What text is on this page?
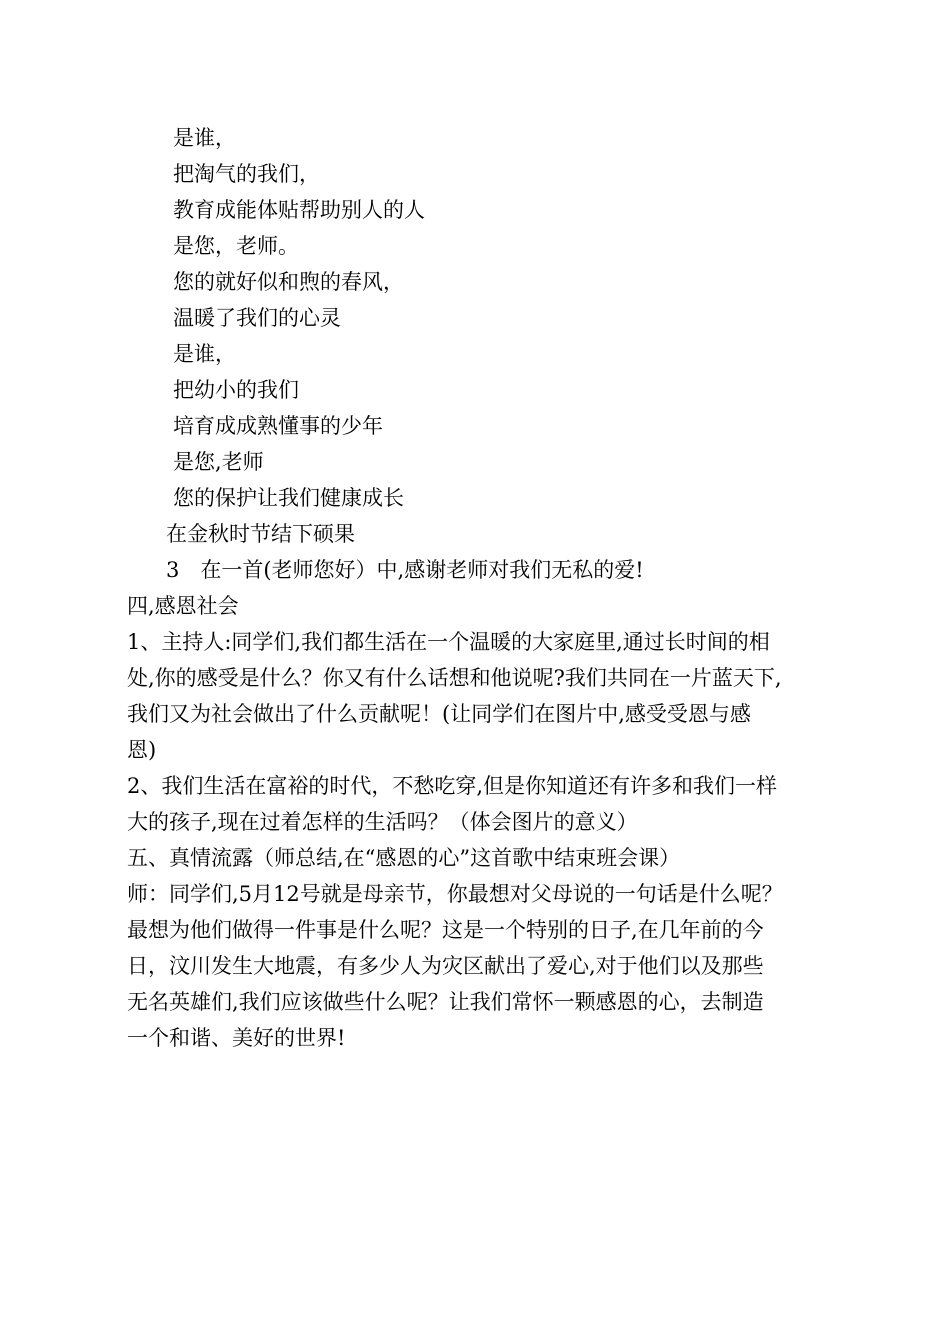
是谁，
把淘气的我们，
教育成能体贴帮助别人的人
是您，老师。
您的就好似和煦的春风，
温暖了我们的心灵
是谁，
把幼小的我们
培育成成熟懂事的少年
是您,老师
您的保护让我们健康成长
在金秋时节结下硕果
3　在一首(老师您好）中,感谢老师对我们无私的爱!
四,感恩社会
1、主持人:同学们,我们都生活在一个温暖的大家庭里,通过长时间的相
处,你的感受是什么？你又有什么话想和他说呢?我们共同在一片蓝天下,
我们又为社会做出了什么贡献呢！(让同学们在图片中,感受受恩与感
恩)
2、我们生活在富裕的时代，不愁吃穿,但是你知道还有许多和我们一样
大的孩子,现在过着怎样的生活吗？（体会图片的意义）
五、真情流露（师总结,在“感恩的心”这首歌中结束班会课）
师：同学们,5月12号就是母亲节，你最想对父母说的一句话是什么呢？
最想为他们做得一件事是什么呢？这是一个特别的日子,在几年前的今
日，汶川发生大地震，有多少人为灾区献出了爱心,对于他们以及那些
无名英雄们,我们应该做些什么呢？让我们常怀一颗感恩的心，去制造
一个和谐、美好的世界!
